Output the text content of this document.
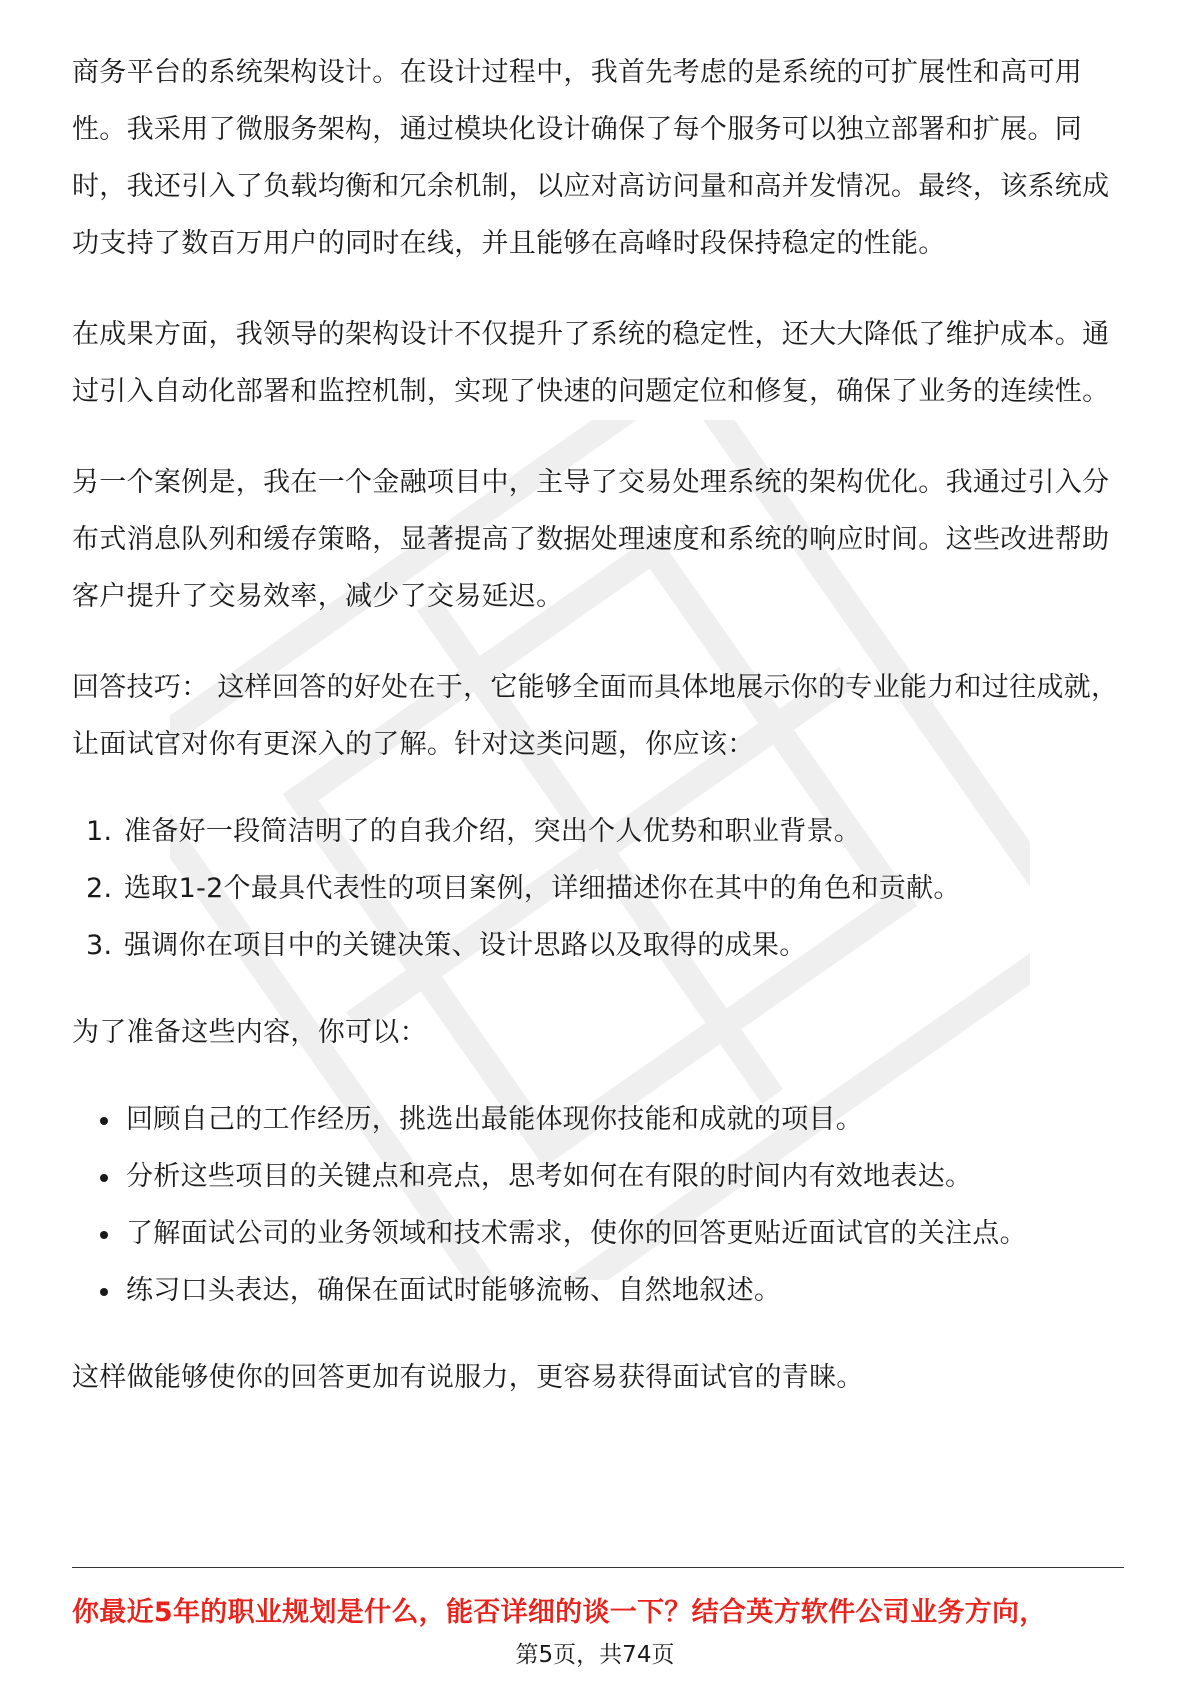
商务平台的系统架构设计。在设计过程中，我首先考虑的是系统的可扩展性和高可用性。我采用了微服务架构，通过模块化设计确保了每个服务可以独立部署和扩展。同时，我还引入了负载均衡和冗余机制，以应对高访问量和高并发情况。最终，该系统成功支持了数百万用户的同时在线，并且能够在高峰时段保持稳定的性能。

在成果方面，我领导的架构设计不仅提升了系统的稳定性，还大大降低了维护成本。通过引入自动化部署和监控机制，实现了快速的问题定位和修复，确保了业务的连续性。

另一个案例是，我在一个金融项目中，主导了交易处理系统的架构优化。我通过引入分布式消息队列和缓存策略，显著提高了数据处理速度和系统的响应时间。这些改进帮助客户提升了交易效率，减少了交易延迟。

回答技巧： 这样回答的好处在于，它能够全面而具体地展示你的专业能力和过往成就，让面试官对你有更深入的了解。针对这类问题，你应该：

1. 准备好一段简洁明了的自我介绍，突出个人优势和职业背景。
2. 选取1-2个最具代表性的项目案例，详细描述你在其中的角色和贡献。
3. 强调你在项目中的关键决策、设计思路以及取得的成果。

为了准备这些内容，你可以：

回顾自己的工作经历，挑选出最能体现你技能和成就的项目。
分析这些项目的关键点和亮点，思考如何在有限的时间内有效地表达。
了解面试公司的业务领域和技术需求，使你的回答更贴近面试官的关注点。
练习口头表达，确保在面试时能够流畅、自然地叙述。

这样做能够使你的回答更加有说服力，更容易获得面试官的青睐。

你最近5年的职业规划是什么，能否详细的谈一下？结合英方软件公司业务方向，
第5页，共74页
